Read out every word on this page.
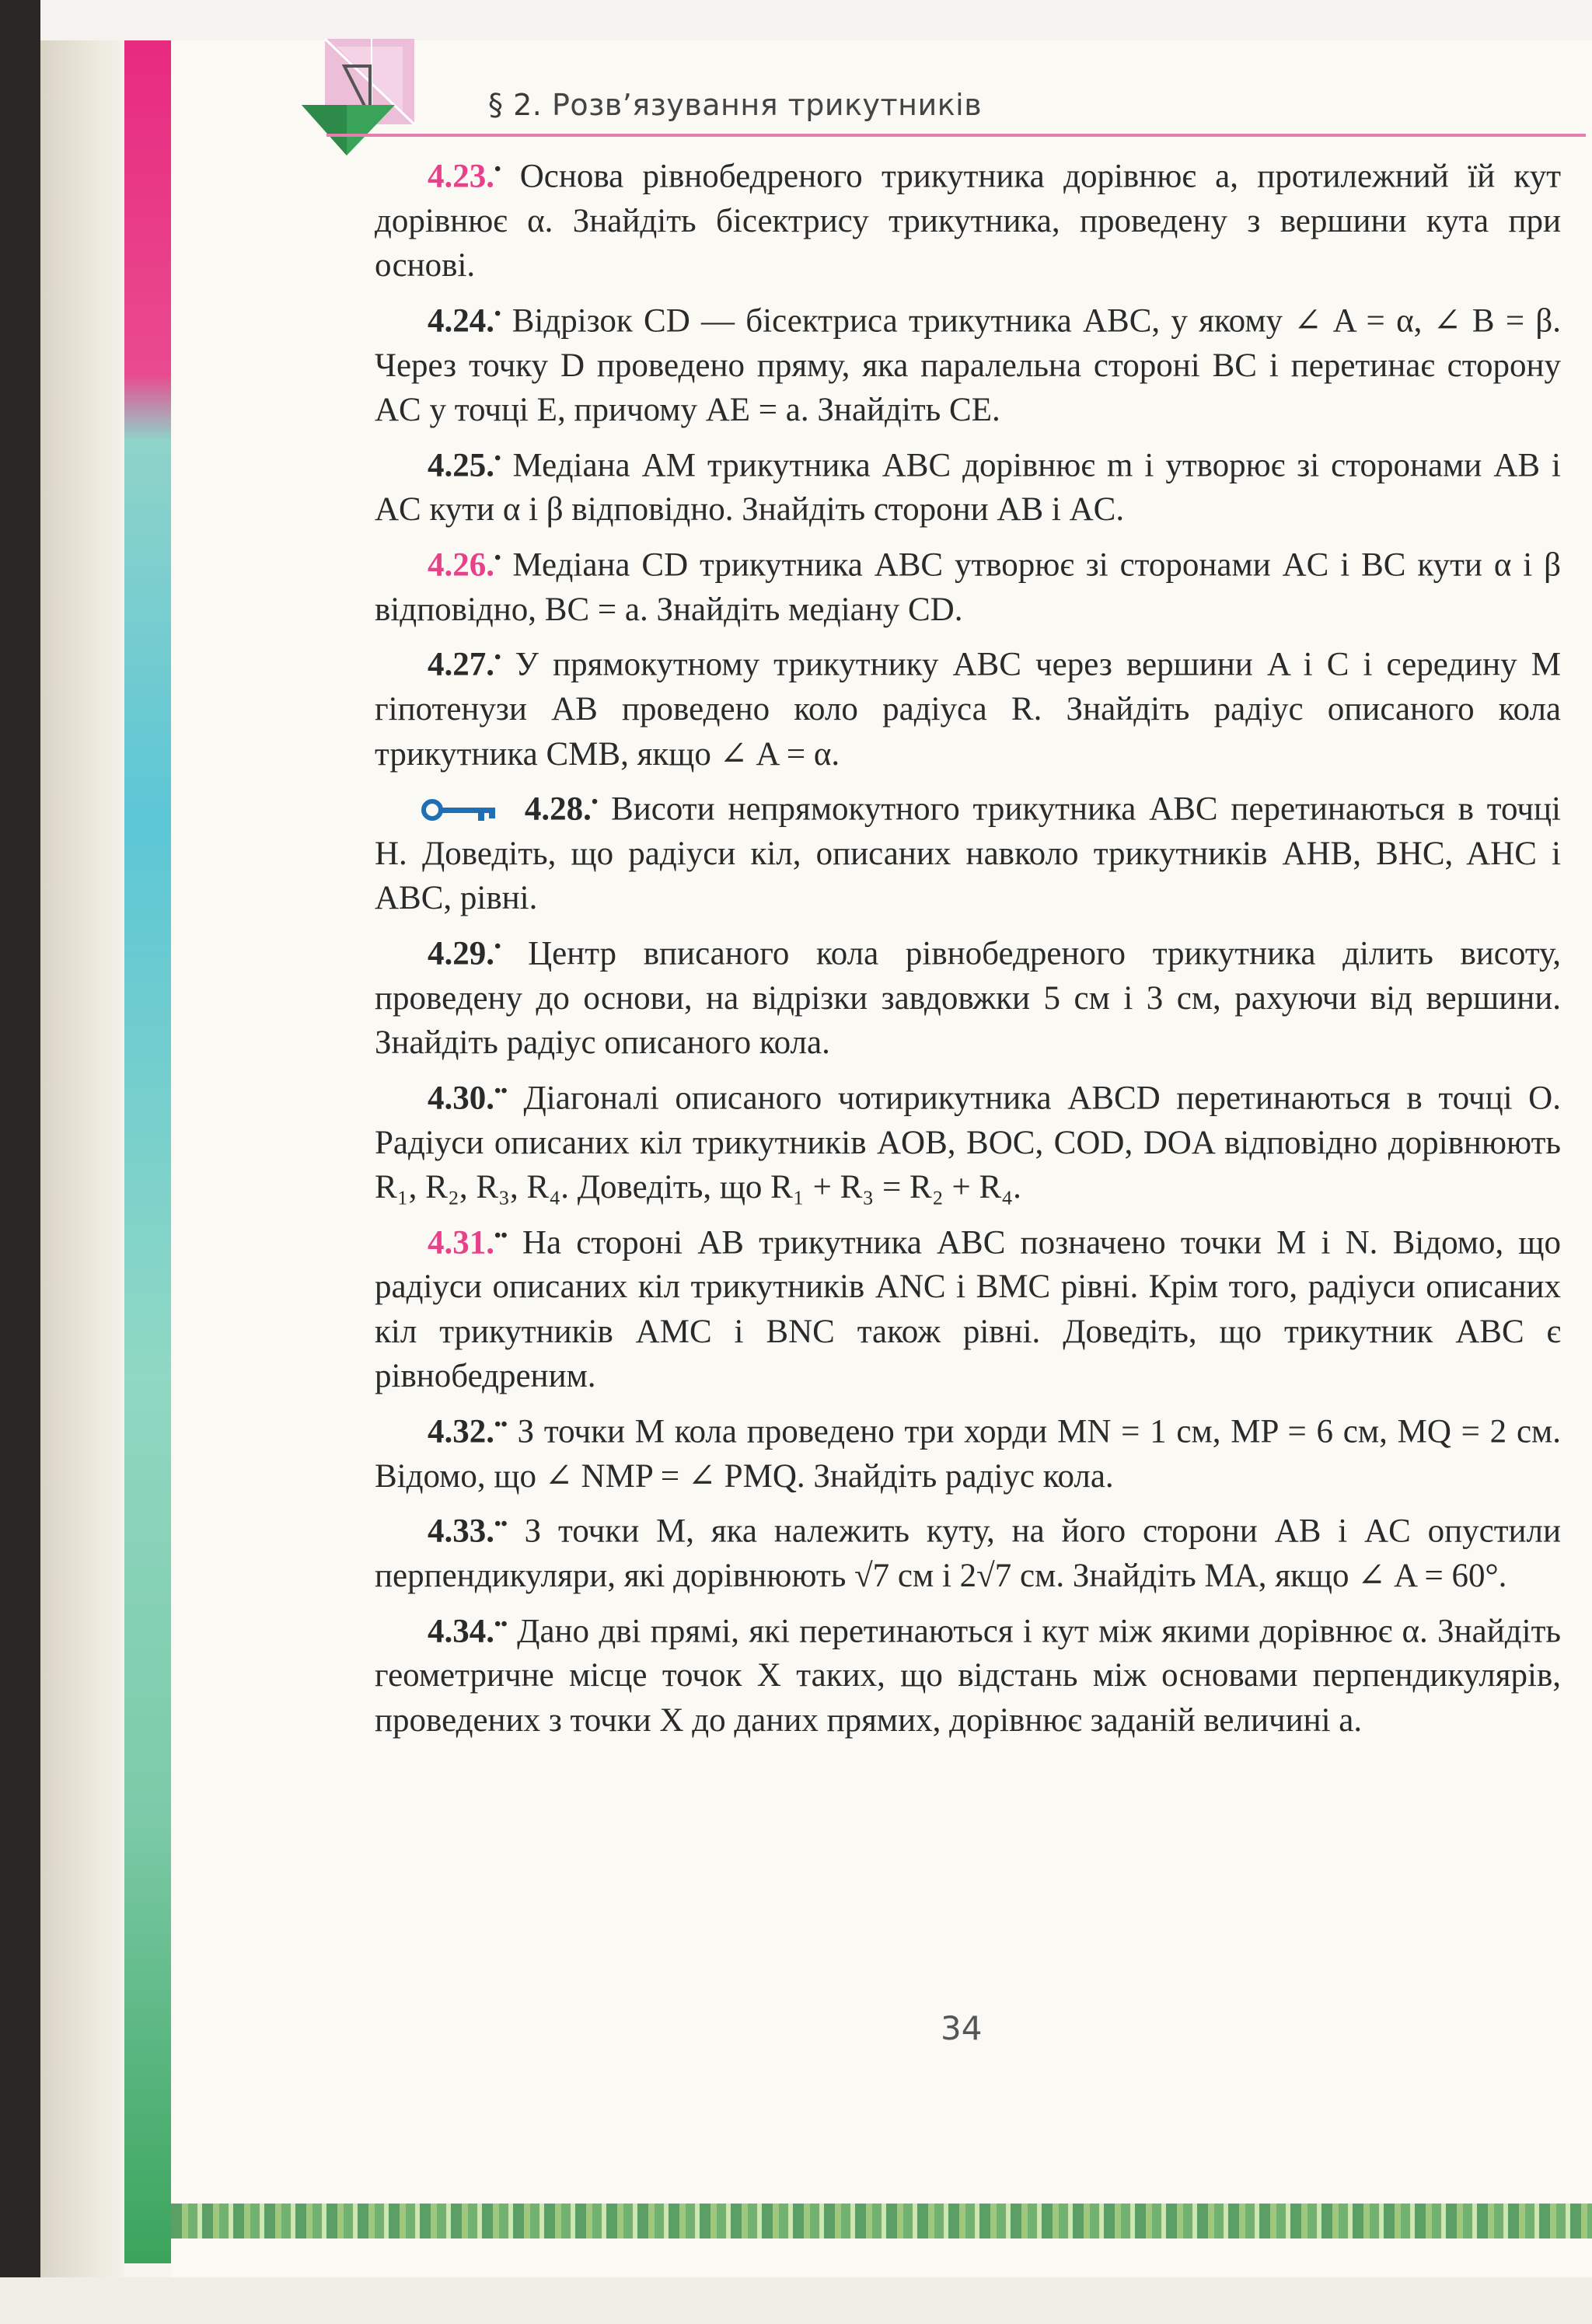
§ 2. Розв’язування трикутників

4.23.• Основа рівнобедреного трикутника дорівнює a, протилежний їй кут дорівнює α. Знайдіть бісектрису трикутника, проведену з вершини кута при основі.

4.24.• Відрізок CD — бісектриса трикутника ABC, у якому ∠ A = α, ∠ B = β. Через точку D проведено пряму, яка паралельна стороні BC і перетинає сторону AC у точці E, причому AE = a. Знайдіть CE.

4.25.• Медіана AM трикутника ABC дорівнює m і утворює зі сторонами AB і AC кути α і β відповідно. Знайдіть сторони AB і AC.

4.26.• Медіана CD трикутника ABC утворює зі сторонами AC і BC кути α і β відповідно, BC = a. Знайдіть медіану CD.

4.27.• У прямокутному трикутнику ABC через вершини A і C і середину M гіпотенузи AB проведено коло радіуса R. Знайдіть радіус описаного кола трикутника CMB, якщо ∠ A = α.

4.28.• Висоти непрямокутного трикутника ABC перетинаються в точці H. Доведіть, що радіуси кіл, описаних навколо трикутників AHB, BHC, AHC і ABC, рівні.

4.29.• Центр вписаного кола рівнобедреного трикутника ділить висоту, проведену до основи, на відрізки завдовжки 5 см і 3 см, рахуючи від вершини. Знайдіть радіус описаного кола.

4.30.•• Діагоналі описаного чотирикутника ABCD перетинаються в точці O. Радіуси описаних кіл трикутників AOB, BOC, COD, DOA відповідно дорівнюють R₁, R₂, R₃, R₄. Доведіть, що R₁ + R₃ = R₂ + R₄.

4.31.•• На стороні AB трикутника ABC позначено точки M і N. Відомо, що радіуси описаних кіл трикутників ANC і BMC рівні. Крім того, радіуси описаних кіл трикутників AMC і BNC також рівні. Доведіть, що трикутник ABC є рівнобедреним.

4.32.•• З точки M кола проведено три хорди MN = 1 см, MP = 6 см, MQ = 2 см. Відомо, що ∠ NMP = ∠ PMQ. Знайдіть радіус кола.

4.33.•• З точки M, яка належить куту, на його сторони AB і AC опустили перпендикуляри, які дорівнюють √7 см і 2√7 см. Знайдіть MA, якщо ∠ A = 60°.

4.34.•• Дано дві прямі, які перетинаються і кут між якими дорівнює α. Знайдіть геометричне місце точок X таких, що відстань між основами перпендикулярів, проведених з точки X до даних прямих, дорівнює заданій величині a.

34
